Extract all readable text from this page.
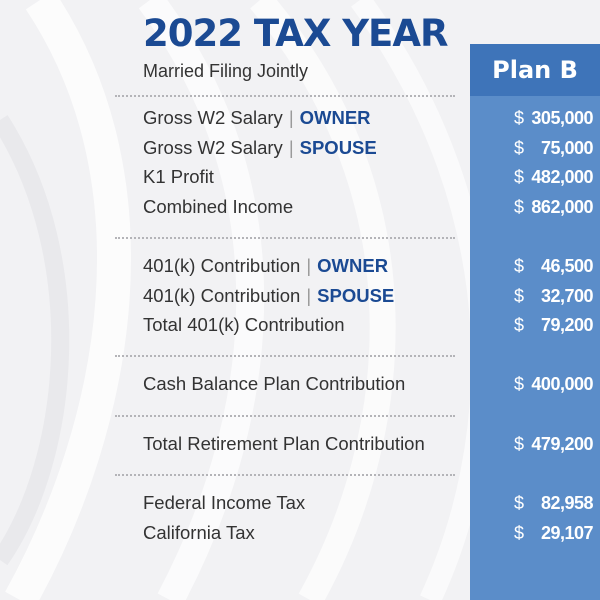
2022 TAX YEAR
Married Filing Jointly	Plan B
Gross W2 Salary | OWNER	$ 305,000
Gross W2 Salary | SPOUSE	$ 75,000
K1 Profit	$ 482,000
Combined Income	$ 862,000
401(k) Contribution | OWNER	$ 46,500
401(k) Contribution | SPOUSE	$ 32,700
Total 401(k) Contribution	$ 79,200
Cash Balance Plan Contribution	$ 400,000
Total Retirement Plan Contribution	$ 479,200
Federal Income Tax	$ 82,958
California Tax	$ 29,107
